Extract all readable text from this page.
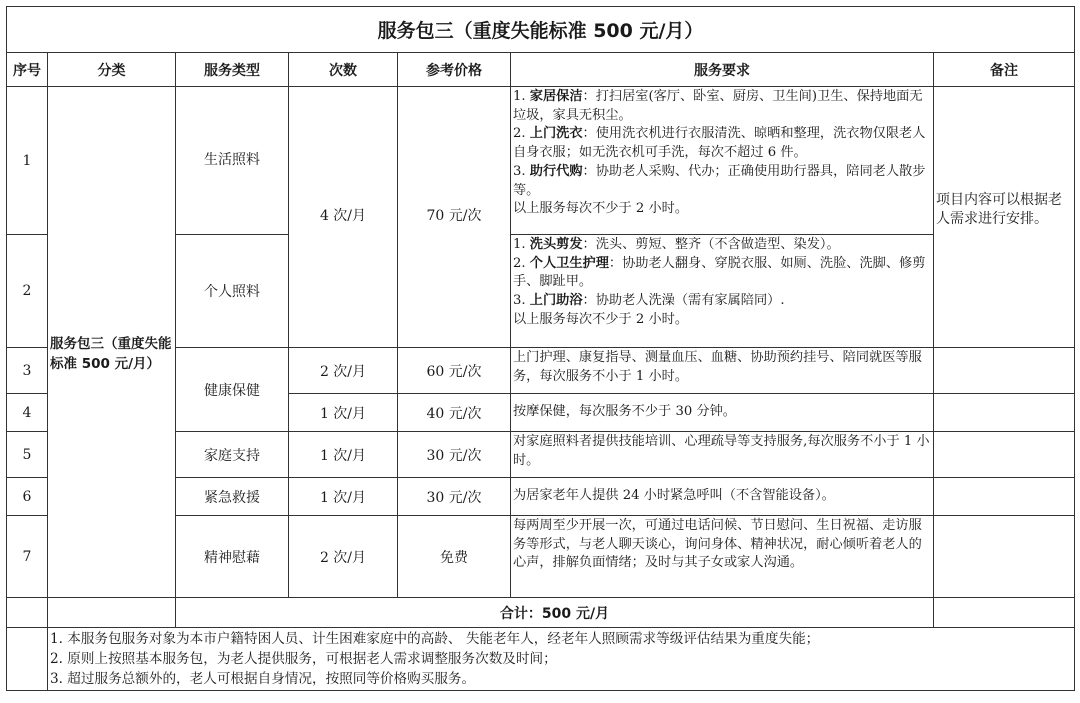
服务包三（重度失能标准 500 元/月）						
序号	分类	服务类型	次数	参考价格	服务要求	备注
1	服务包三（重度失能标准 500 元/月）	生活照料	4 次/月	70 元/次	1. 家居保洁：打扫居室(客厅、卧室、厨房、卫生间)卫生、保持地面无垃圾，家具无积尘。
2. 上门洗衣：使用洗衣机进行衣服清洗、晾晒和整理，洗衣物仅限老人自身衣服；如无洗衣机可手洗，每次不超过 6 件。
3. 助行代购：协助老人采购、代办；正确使用助行器具，陪同老人散步等。
以上服务每次不少于 2 小时。	项目内容可以根据老人需求进行安排。

2		个人照料			1. 洗头剪发：洗头、剪短、整齐（不含做造型、染发）。
2. 个人卫生护理：协助老人翻身、穿脱衣服、如厕、洗脸、洗脚、修剪手、脚趾甲。
3. 上门助浴：协助老人洗澡（需有家属陪同）.
以上服务每次不少于 2 小时。	

3		健康保健	2 次/月	60 元/次	上门护理、康复指导、测量血压、血糖、协助预约挂号、陪同就医等服务，每次服务不小于 1 小时。	
4			1 次/月	40 元/次	按摩保健，每次服务不少于 30 分钟。	
5		家庭支持	1 次/月	30 元/次	对家庭照料者提供技能培训、心理疏导等支持服务,每次服务不小于 1 小时。	
6		紧急救援	1 次/月	30 元/次	为居家老年人提供 24 小时紧急呼叫（不含智能设备）。	
7		精神慰藉	2 次/月	免费	每两周至少开展一次，可通过电话问候、节日慰问、生日祝福、走访服务等形式，与老人聊天谈心，询问身体、精神状况，耐心倾听着老人的心声，排解负面情绪；及时与其子女或家人沟通。	
		合计：500 元/月				

	1. 本服务包服务对象为本市户籍特困人员、计生困难家庭中的高龄、 失能老年人，经老年人照顾需求等级评估结果为重度失能；
2. 原则上按照基本服务包，为老人提供服务，可根据老人需求调整服务次数及时间；
3. 超过服务总额外的，老人可根据自身情况，按照同等价格购买服务。					
